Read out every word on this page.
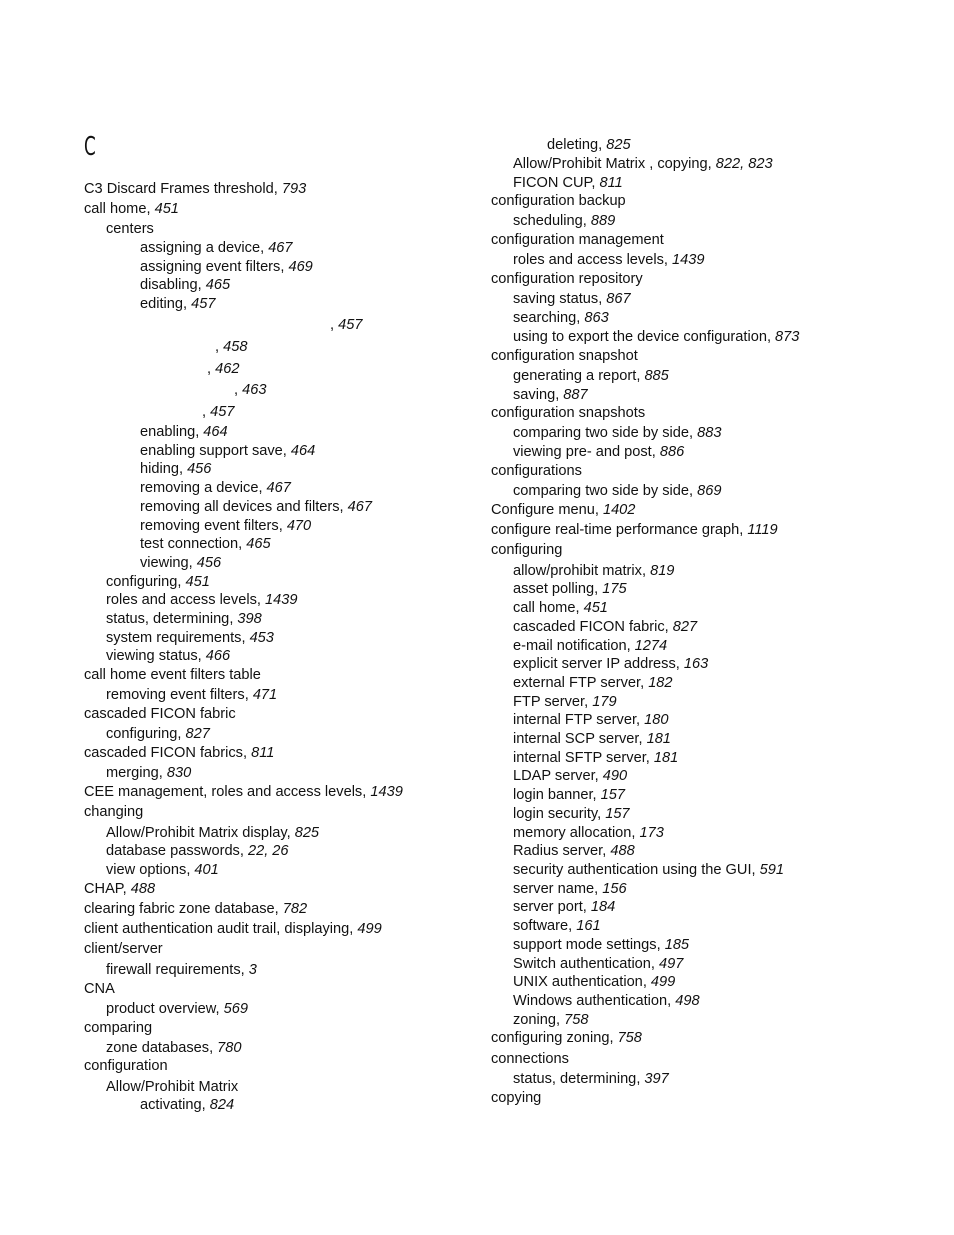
C
C3 Discard Frames threshold, 793
call home, 451
centers
assigning a device, 467
assigning event filters, 469
disabling, 465
editing, 457
, 457
, 458
, 462
, 463
, 457
enabling, 464
enabling support save, 464
hiding, 456
removing a device, 467
removing all devices and filters, 467
removing event filters, 470
test connection, 465
viewing, 456
configuring, 451
roles and access levels, 1439
status, determining, 398
system requirements, 453
viewing status, 466
call home event filters table
removing event filters, 471
cascaded FICON fabric
configuring, 827
cascaded FICON fabrics, 811
merging, 830
CEE management, roles and access levels, 1439
changing
Allow/Prohibit Matrix display, 825
database passwords, 22, 26
view options, 401
CHAP, 488
clearing fabric zone database, 782
client authentication audit trail, displaying, 499
client/server
firewall requirements, 3
CNA
product overview, 569
comparing
zone databases, 780
configuration
Allow/Prohibit Matrix
activating, 824
deleting, 825
Allow/Prohibit Matrix , copying, 822, 823
FICON CUP, 811
configuration backup
scheduling, 889
configuration management
roles and access levels, 1439
configuration repository
saving status, 867
searching, 863
using to export the device configuration, 873
configuration snapshot
generating a report, 885
saving, 887
configuration snapshots
comparing two side by side, 883
viewing pre- and post, 886
configurations
comparing two side by side, 869
Configure menu, 1402
configure real-time performance graph, 1119
configuring
allow/prohibit matrix, 819
asset polling, 175
call home, 451
cascaded FICON fabric, 827
e-mail notification, 1274
explicit server IP address, 163
external FTP server, 182
FTP server, 179
internal FTP server, 180
internal SCP server, 181
internal SFTP server, 181
LDAP server, 490
login banner, 157
login security, 157
memory allocation, 173
Radius server, 488
security authentication using the GUI, 591
server name, 156
server port, 184
software, 161
support mode settings, 185
Switch authentication, 497
UNIX authentication, 499
Windows authentication, 498
zoning, 758
configuring zoning, 758
connections
status, determining, 397
copying
